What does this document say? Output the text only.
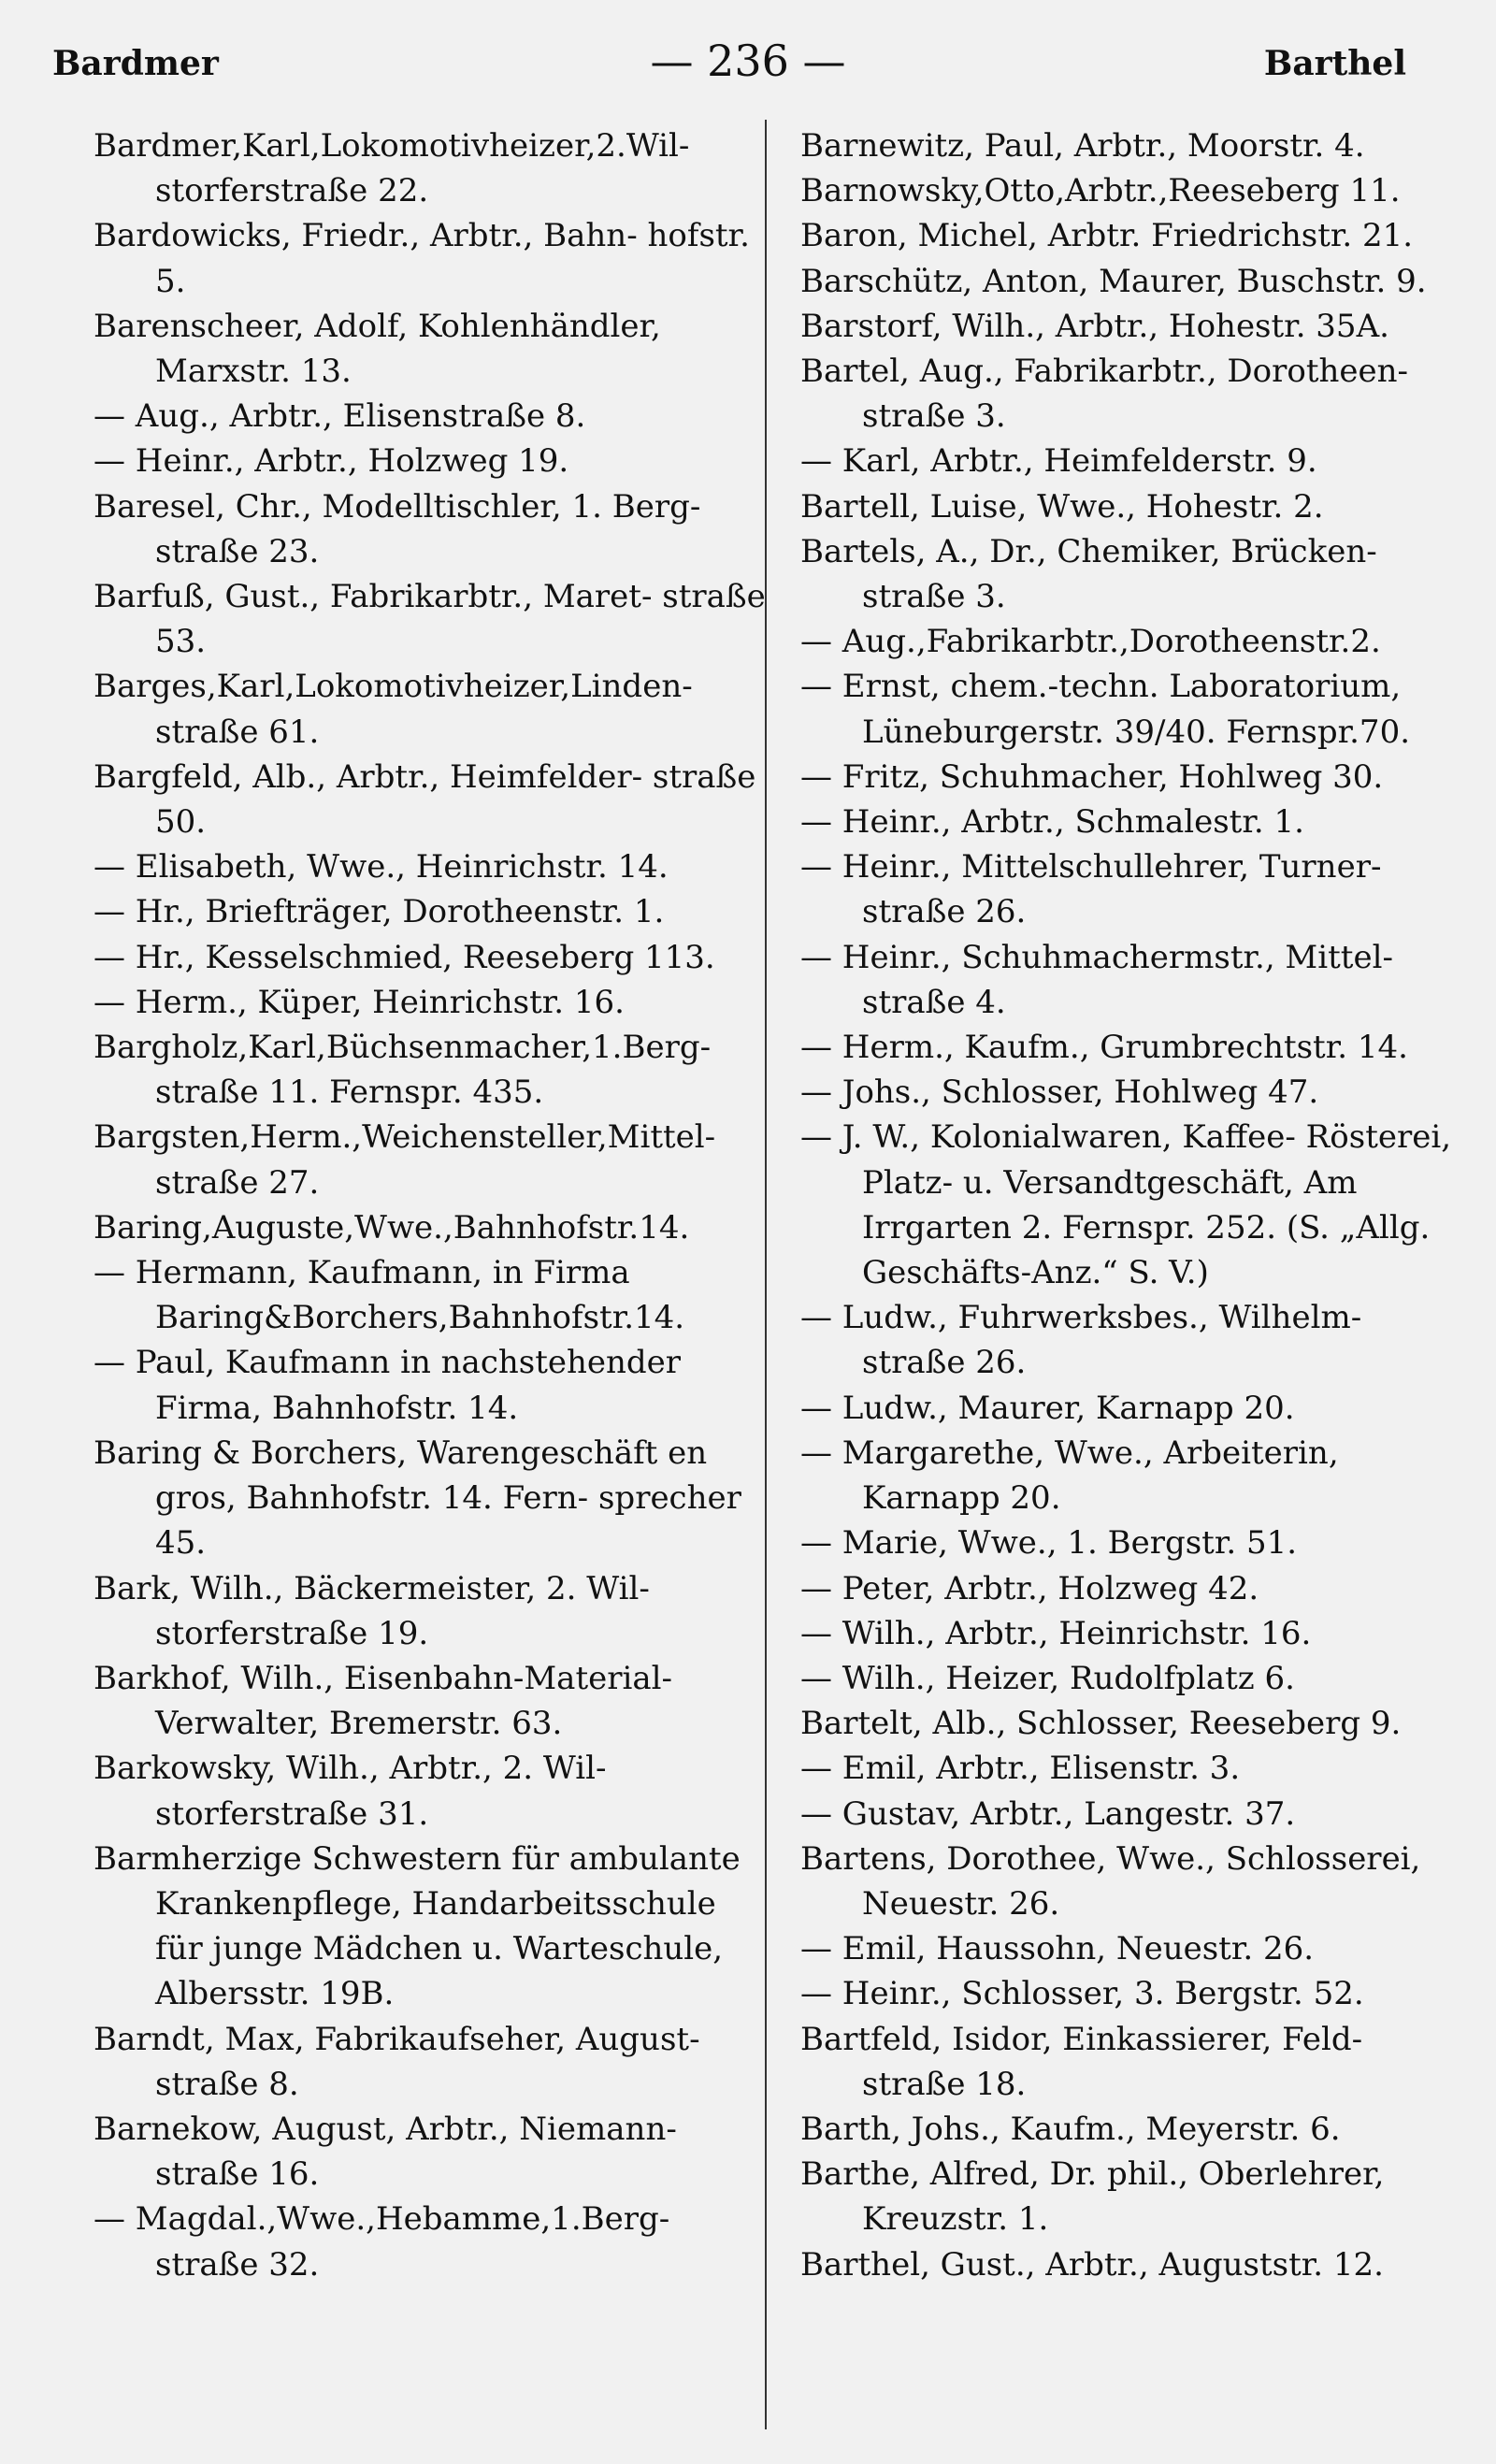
Bardmer	— 236 —	Barthel

Bardmer,Karl,Lokomotivheizer,2.Wil- storferstraße 22.

Bardowicks, Friedr., Arbtr., Bahn- hofstr. 5.

Barenscheer, Adolf, Kohlenhändler, Marxstr. 13.

— Aug., Arbtr., Elisenstraße 8.

— Heinr., Arbtr., Holzweg 19.

Baresel, Chr., Modelltischler, 1. Berg- straße 23.

Barfuß, Gust., Fabrikarbtr., Maret- straße 53.

Barges,Karl,Lokomotivheizer,Linden- straße 61.

Bargfeld, Alb., Arbtr., Heimfelder- straße 50.

— Elisabeth, Wwe., Heinrichstr. 14.

— Hr., Briefträger, Dorotheenstr. 1.

— Hr., Kesselschmied, Reeseberg 113.

— Herm., Küper, Heinrichstr. 16.

Bargholz,Karl,Büchsenmacher,1.Berg- straße 11. Fernspr. 435.

Bargsten,Herm.,Weichensteller,Mittel- straße 27.

Baring,Auguste,Wwe.,Bahnhofstr.14.

— Hermann, Kaufmann, in Firma Baring&Borchers,Bahnhofstr.14.

— Paul, Kaufmann in nachstehender Firma, Bahnhofstr. 14.

Baring & Borchers, Warengeschäft en gros, Bahnhofstr. 14. Fern- sprecher 45.

Bark, Wilh., Bäckermeister, 2. Wil- storferstraße 19.

Barkhof, Wilh., Eisenbahn-Material- Verwalter, Bremerstr. 63.

Barkowsky, Wilh., Arbtr., 2. Wil- storferstraße 31.

Barmherzige Schwestern für ambulante Krankenpflege, Handarbeitsschule für junge Mädchen u. Warteschule, Albersstr. 19B.

Barndt, Max, Fabrikaufseher, August- straße 8.

Barnekow, August, Arbtr., Niemann- straße 16.

— Magdal.,Wwe.,Hebamme,1.Berg- straße 32.

Barnewitz, Paul, Arbtr., Moorstr. 4.

Barnowsky,Otto,Arbtr.,Reeseberg 11.

Baron, Michel, Arbtr. Friedrichstr. 21.

Barschütz, Anton, Maurer, Buschstr. 9.

Barstorf, Wilh., Arbtr., Hohestr. 35A.

Bartel, Aug., Fabrikarbtr., Dorotheen- straße 3.

— Karl, Arbtr., Heimfelderstr. 9.

Bartell, Luise, Wwe., Hohestr. 2.

Bartels, A., Dr., Chemiker, Brücken- straße 3.

— Aug.,Fabrikarbtr.,Dorotheenstr.2.

— Ernst, chem.-techn. Laboratorium, Lüneburgerstr. 39/40. Fernspr.70.

— Fritz, Schuhmacher, Hohlweg 30.

— Heinr., Arbtr., Schmalestr. 1.

— Heinr., Mittelschullehrer, Turner- straße 26.

— Heinr., Schuhmachermstr., Mittel- straße 4.

— Herm., Kaufm., Grumbrechtstr. 14.

— Johs., Schlosser, Hohlweg 47.

— J. W., Kolonialwaren, Kaffee- Rösterei, Platz- u. Versandtgeschäft, Am Irrgarten 2. Fernspr. 252. (S. „Allg. Geschäfts-Anz.“ S. V.)

— Ludw., Fuhrwerksbes., Wilhelm- straße 26.

— Ludw., Maurer, Karnapp 20.

— Margarethe, Wwe., Arbeiterin, Karnapp 20.

— Marie, Wwe., 1. Bergstr. 51.

— Peter, Arbtr., Holzweg 42.

— Wilh., Arbtr., Heinrichstr. 16.

— Wilh., Heizer, Rudolfplatz 6.

Bartelt, Alb., Schlosser, Reeseberg 9.

— Emil, Arbtr., Elisenstr. 3.

— Gustav, Arbtr., Langestr. 37.

Bartens, Dorothee, Wwe., Schlosserei, Neuestr. 26.

— Emil, Haussohn, Neuestr. 26.

— Heinr., Schlosser, 3. Bergstr. 52.

Bartfeld, Isidor, Einkassierer, Feld- straße 18.

Barth, Johs., Kaufm., Meyerstr. 6.

Barthe, Alfred, Dr. phil., Oberlehrer, Kreuzstr. 1.

Barthel, Gust., Arbtr., Auguststr. 12.
